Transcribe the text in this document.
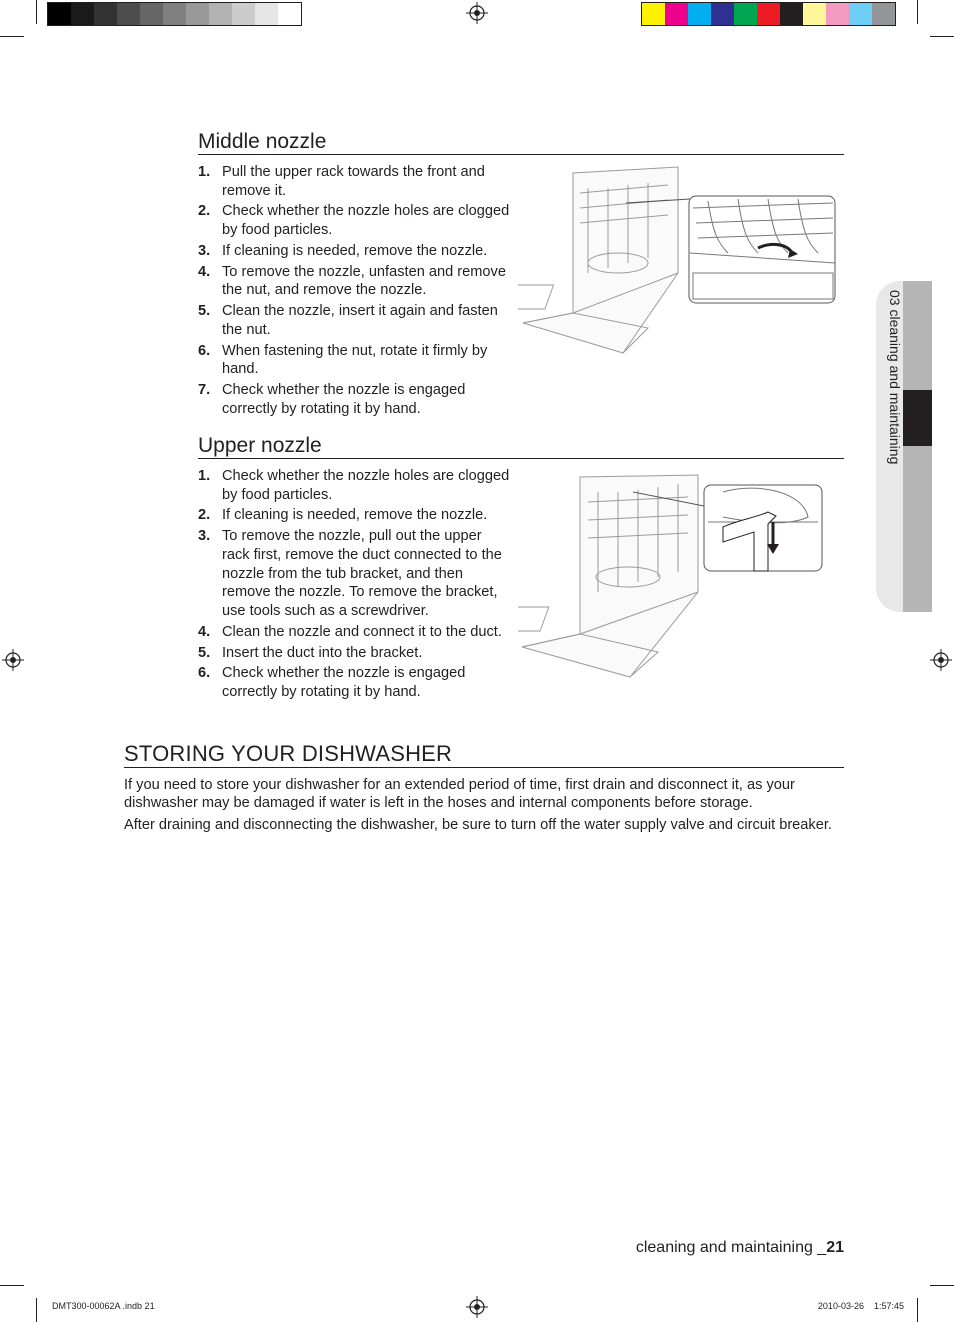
03 cleaning and maintaining
Middle nozzle
1. Pull the upper rack towards the front and remove it.
2. Check whether the nozzle holes are clogged by food particles.
3. If cleaning is needed, remove the nozzle.
4. To remove the nozzle, unfasten and remove the nut, and remove the nozzle.
5. Clean the nozzle, insert it again and fasten the nut.
6. When fastening the nut, rotate it firmly by hand.
7. Check whether the nozzle is engaged correctly by rotating it by hand.
Upper nozzle
1. Check whether the nozzle holes are clogged by food particles.
2. If cleaning is needed, remove the nozzle.
3. To remove the nozzle, pull out the upper rack first, remove the duct connected to the nozzle from the tub bracket, and then remove the nozzle. To remove the bracket, use tools such as a screwdriver.
4. Clean the nozzle and connect it to the duct.
5. Insert the duct into the bracket.
6. Check whether the nozzle is engaged correctly by rotating it by hand.
STORING YOUR DISHWASHER

If you need to store your dishwasher for an extended period of time, first drain and disconnect it, as your dishwasher may be damaged if water is left in the hoses and internal components before storage.

After draining and disconnecting the dishwasher, be sure to turn off the water supply valve and circuit breaker.

cleaning and maintaining _21
DMT300-00062A .indb 21	2010-03-26    1:57:45
